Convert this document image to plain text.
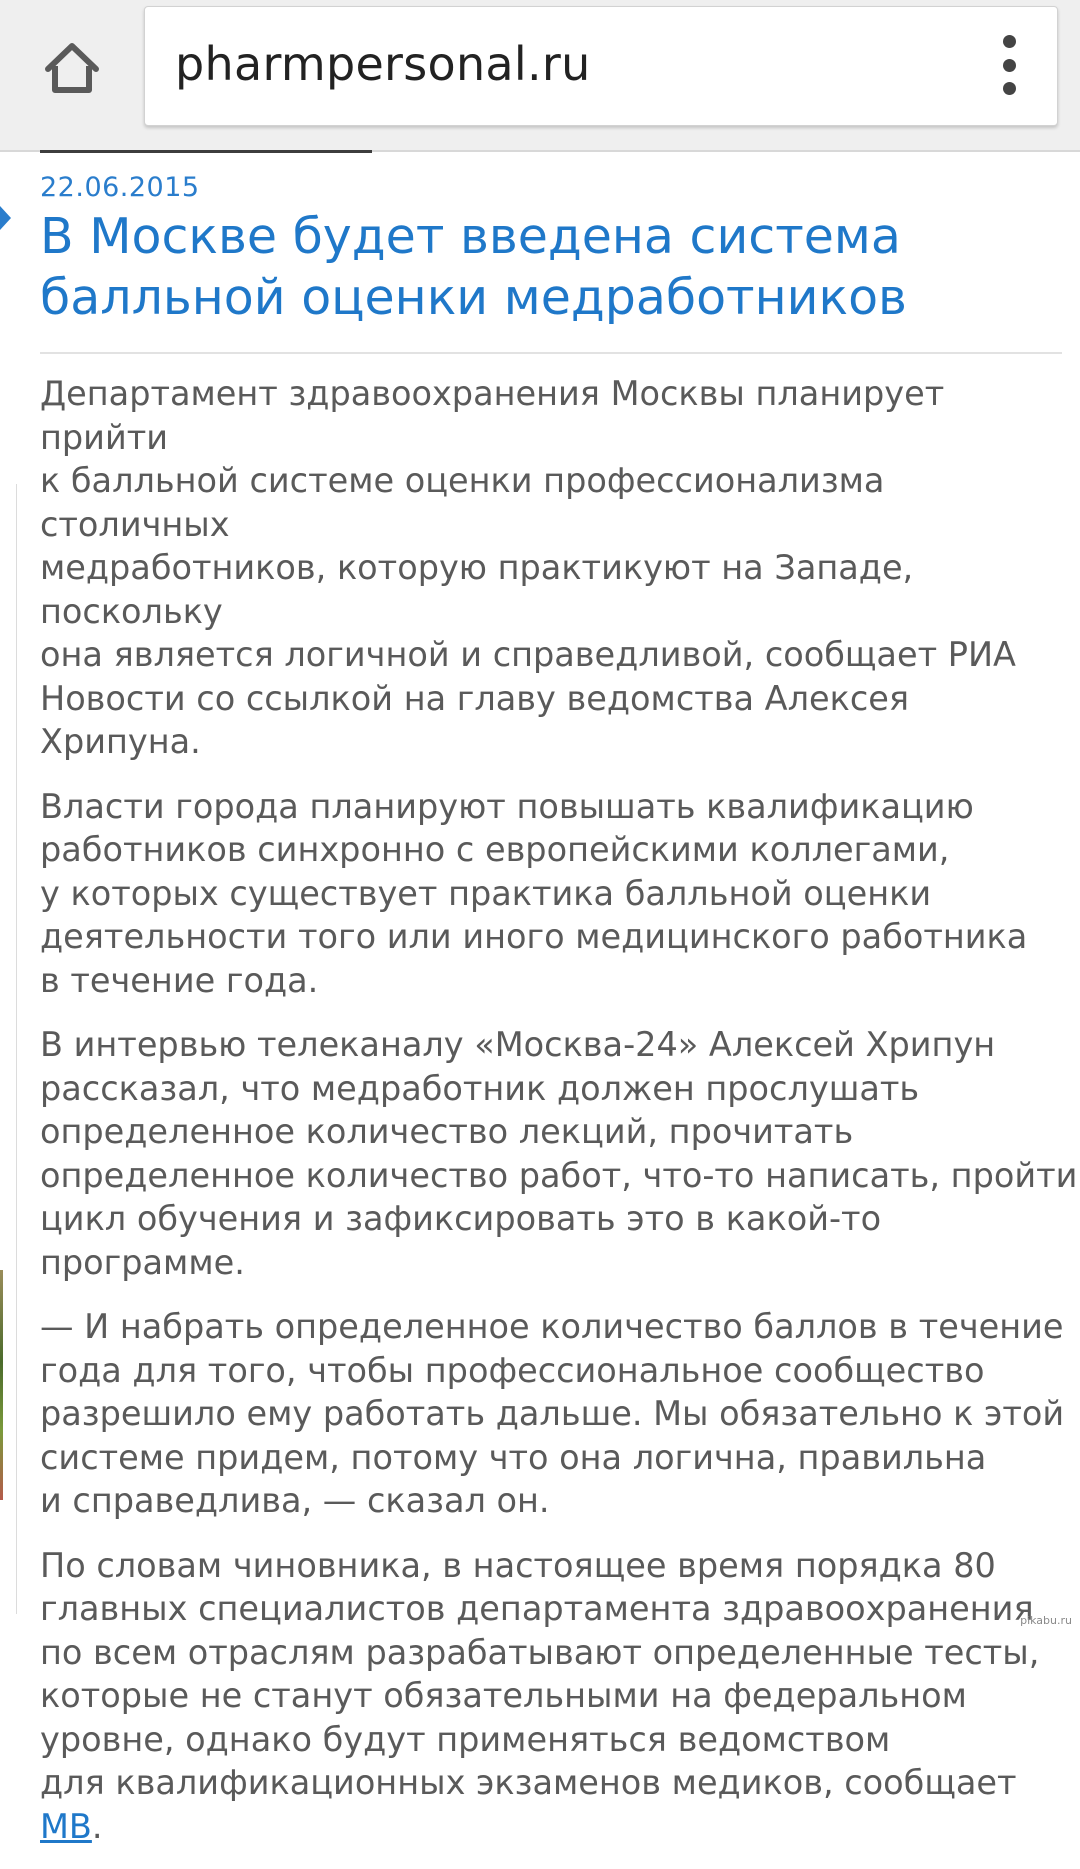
pharmpersonal.ru
22.06.2015
В Москве будет введена система
балльной оценки медработников

Департамент здравоохранения Москвы планирует прийти
к балльной системе оценки профессионализма столичных
медработников, которую практикуют на Западе, поскольку
она является логичной и справедливой, сообщает РИА
Новости со ссылкой на главу ведомства Алексея Хрипуна.

Власти города планируют повышать квалификацию
работников синхронно с европейскими коллегами,
у которых существует практика балльной оценки
деятельности того или иного медицинского работника
в течение года.

В интервью телеканалу «Москва-24» Алексей Хрипун
рассказал, что медработник должен прослушать
определенное количество лекций, прочитать
определенное количество работ, что-то написать, пройти
цикл обучения и зафиксировать это в какой-то программе.

— И набрать определенное количество баллов в течение
года для того, чтобы профессиональное сообщество
разрешило ему работать дальше. Мы обязательно к этой
системе придем, потому что она логична, правильна
и справедлива, — сказал он.

По словам чиновника, в настоящее время порядка 80
главных специалистов департамента здравоохранения
по всем отраслям разрабатывают определенные тесты,
которые не станут обязательными на федеральном
уровне, однако будут применяться ведомством
для квалификационных экзаменов медиков, сообщает
МВ.

pikabu.ru
